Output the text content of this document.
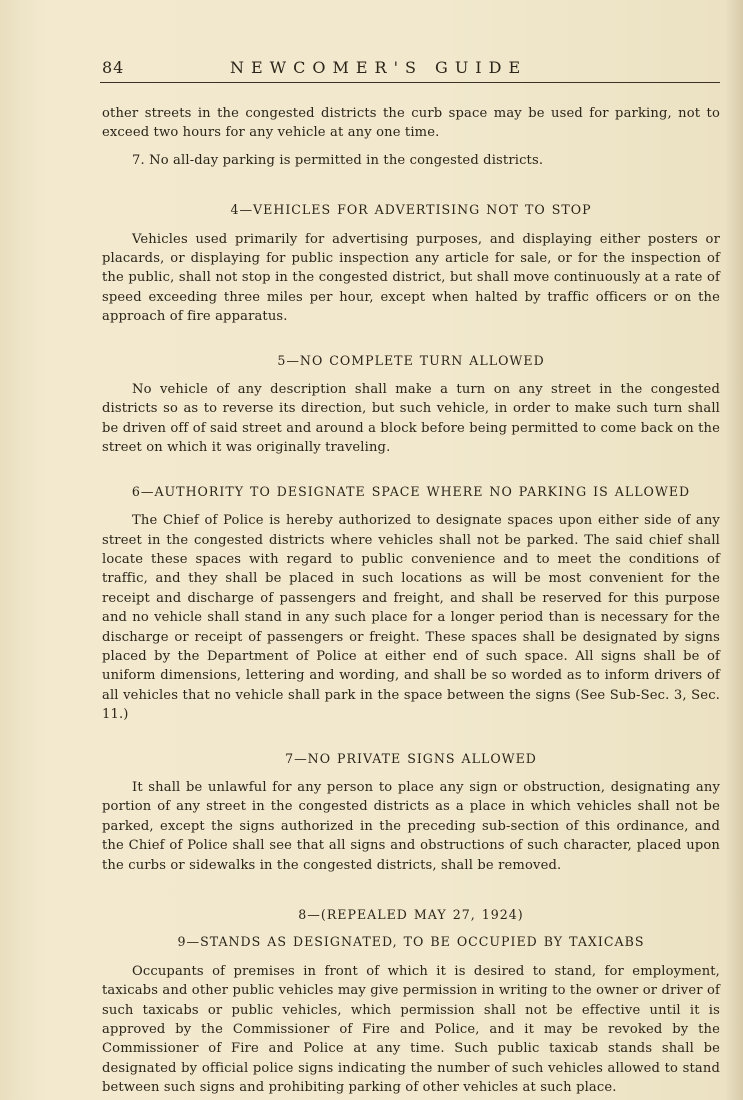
84	NEWCOMER'S GUIDE

other streets in the congested districts the curb space may be used for parking, not to exceed two hours for any vehicle at any one time.

7. No all-day parking is permitted in the congested districts.

4—VEHICLES FOR ADVERTISING NOT TO STOP

Vehicles used primarily for advertising purposes, and displaying either posters or placards, or displaying for public inspection any article for sale, or for the inspection of the public, shall not stop in the congested district, but shall move continuously at a rate of speed exceeding three miles per hour, except when halted by traffic officers or on the approach of fire apparatus.

5—NO COMPLETE TURN ALLOWED

No vehicle of any description shall make a turn on any street in the congested districts so as to reverse its direction, but such vehicle, in order to make such turn shall be driven off of said street and around a block before being permitted to come back on the street on which it was originally traveling.

6—AUTHORITY TO DESIGNATE SPACE WHERE NO PARKING IS ALLOWED

The Chief of Police is hereby authorized to designate spaces upon either side of any street in the congested districts where vehicles shall not be parked. The said chief shall locate these spaces with regard to public convenience and to meet the conditions of traffic, and they shall be placed in such locations as will be most convenient for the receipt and discharge of passengers and freight, and shall be reserved for this purpose and no vehicle shall stand in any such place for a longer period than is necessary for the discharge or receipt of passengers or freight. These spaces shall be designated by signs placed by the Department of Police at either end of such space. All signs shall be of uniform dimensions, lettering and wording, and shall be so worded as to inform drivers of all vehicles that no vehicle shall park in the space between the signs (See Sub-Sec. 3, Sec. 11.)

7—NO PRIVATE SIGNS ALLOWED

It shall be unlawful for any person to place any sign or obstruction, designating any portion of any street in the congested districts as a place in which vehicles shall not be parked, except the signs authorized in the preceding sub-section of this ordinance, and the Chief of Police shall see that all signs and obstructions of such character, placed upon the curbs or sidewalks in the congested districts, shall be removed.

8—(REPEALED MAY 27, 1924)

9—STANDS AS DESIGNATED, TO BE OCCUPIED BY TAXICABS

Occupants of premises in front of which it is desired to stand, for employment, taxicabs and other public vehicles may give permission in writing to the owner or driver of such taxicabs or public vehicles, which permission shall not be effective until it is approved by the Commissioner of Fire and Police, and it may be revoked by the Commissioner of Fire and Police at any time. Such public taxicab stands shall be designated by official police signs indicating the number of such vehicles allowed to stand between such signs and prohibiting parking of other vehicles at such place.
